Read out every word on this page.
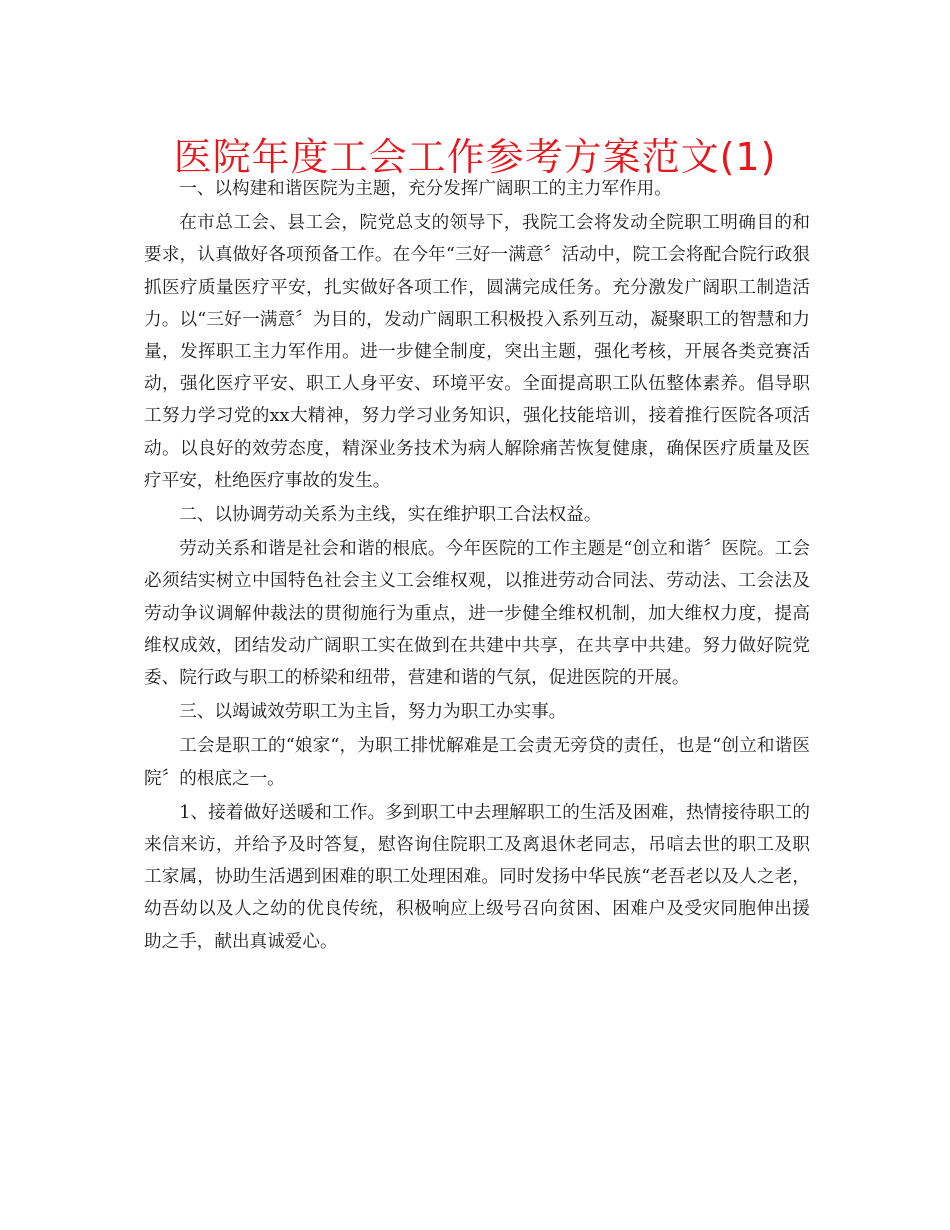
医院年度工会工作参考方案范文(1)

一、以构建和谐医院为主题，充分发挥广阔职工的主力军作用。

在市总工会、县工会，院党总支的领导下，我院工会将发动全院职工明确目的和要求，认真做好各项预备工作。在今年“三好一满意〞活动中，院工会将配合院行政狠抓医疗质量医疗平安，扎实做好各项工作，圆满完成任务。充分激发广阔职工制造活力。以“三好一满意〞为目的，发动广阔职工积极投入系列互动，凝聚职工的智慧和力量，发挥职工主力军作用。进一步健全制度，突出主题，强化考核，开展各类竞赛活动，强化医疗平安、职工人身平安、环境平安。全面提高职工队伍整体素养。倡导职工努力学习党的xx大精神，努力学习业务知识，强化技能培训，接着推行医院各项活动。以良好的效劳态度，精深业务技术为病人解除痛苦恢复健康，确保医疗质量及医疗平安，杜绝医疗事故的发生。

二、以协调劳动关系为主线，实在维护职工合法权益。

劳动关系和谐是社会和谐的根底。今年医院的工作主题是“创立和谐〞医院。工会必须结实树立中国特色社会主义工会维权观，以推进劳动合同法、劳动法、工会法及劳动争议调解仲裁法的贯彻施行为重点，进一步健全维权机制，加大维权力度，提高维权成效，团结发动广阔职工实在做到在共建中共享，在共享中共建。努力做好院党委、院行政与职工的桥梁和纽带，营建和谐的气氛，促进医院的开展。

三、以竭诚效劳职工为主旨，努力为职工办实事。

工会是职工的“娘家“，为职工排忧解难是工会责无旁贷的责任，也是“创立和谐医院〞的根底之一。

1、接着做好送暖和工作。多到职工中去理解职工的生活及困难，热情接待职工的来信来访，并给予及时答复，慰咨询住院职工及离退休老同志，吊唁去世的职工及职工家属，协助生活遇到困难的职工处理困难。同时发扬中华民族“老吾老以及人之老，幼吾幼以及人之幼的优良传统，积极响应上级号召向贫困、困难户及受灾同胞伸出援助之手，献出真诚爱心。
